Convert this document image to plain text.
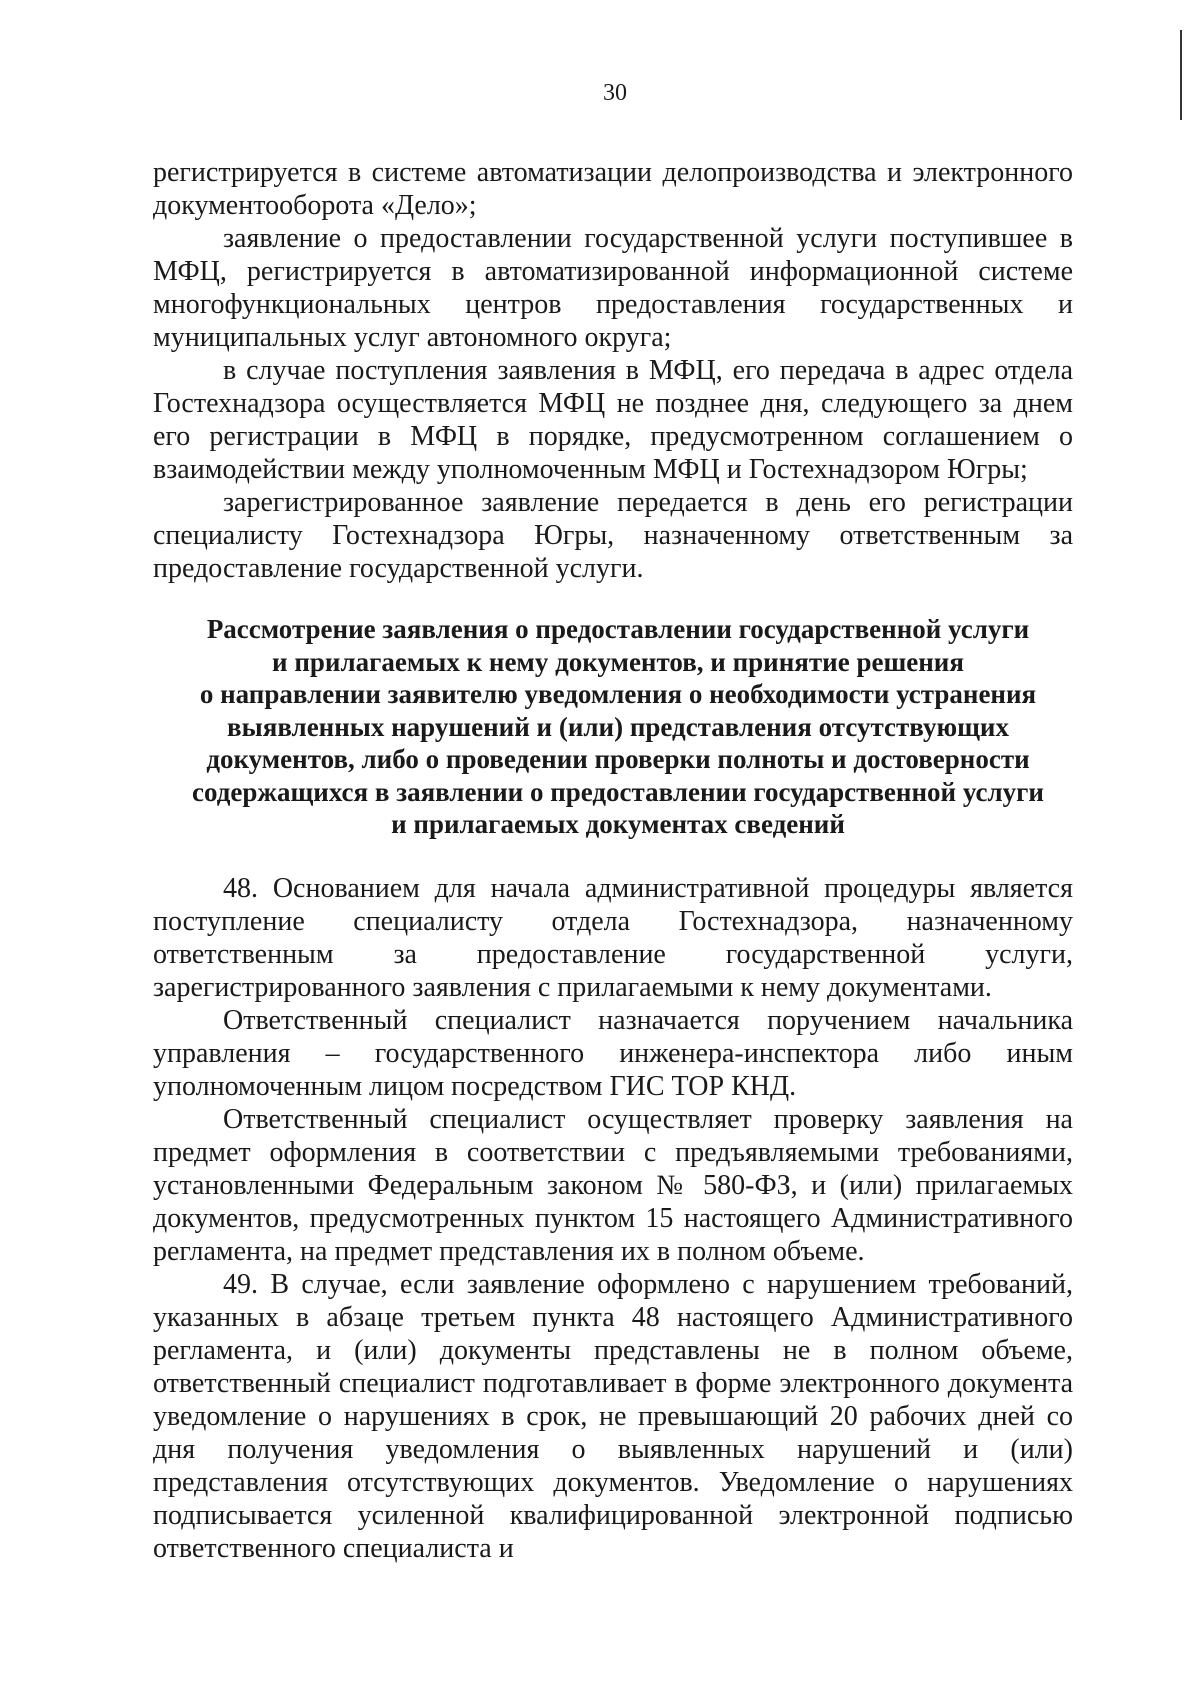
30

регистрируется в системе автоматизации делопроизводства и электронного документооборота «Дело»;

заявление о предоставлении государственной услуги поступившее в МФЦ, регистрируется в автоматизированной информационной системе многофункциональных центров предоставления государственных и муниципальных услуг автономного округа;

в случае поступления заявления в МФЦ, его передача в адрес отдела Гостехнадзора осуществляется МФЦ не позднее дня, следующего за днем его регистрации в МФЦ в порядке, предусмотренном соглашением о взаимодействии между уполномоченным МФЦ и Гостехнадзором Югры;

зарегистрированное заявление передается в день его регистрации специалисту Гостехнадзора Югры, назначенному ответственным за предоставление государственной услуги.

Рассмотрение заявления о предоставлении государственной услуги
и прилагаемых к нему документов, и принятие решения
о направлении заявителю уведомления о необходимости устранения
выявленных нарушений и (или) представления отсутствующих
документов, либо о проведении проверки полноты и достоверности
содержащихся в заявлении о предоставлении государственной услуги
и прилагаемых документах сведений

48. Основанием для начала административной процедуры является поступление специалисту отдела Гостехнадзора, назначенному ответственным за предоставление государственной услуги, зарегистрированного заявления с прилагаемыми к нему документами.

Ответственный специалист назначается поручением начальника управления – государственного инженера-инспектора либо иным уполномоченным лицом посредством ГИС ТОР КНД.

Ответственный специалист осуществляет проверку заявления на предмет оформления в соответствии с предъявляемыми требованиями, установленными Федеральным законом № 580-ФЗ, и (или) прилагаемых документов, предусмотренных пунктом 15 настоящего Административного регламента, на предмет представления их в полном объеме.

49. В случае, если заявление оформлено с нарушением требований, указанных в абзаце третьем пункта 48 настоящего Административного регламента, и (или) документы представлены не в полном объеме, ответственный специалист подготавливает в форме электронного документа уведомление о нарушениях в срок, не превышающий 20 рабочих дней со дня получения уведомления о выявленных нарушений и (или) представления отсутствующих документов. Уведомление о нарушениях подписывается усиленной квалифицированной электронной подписью ответственного специалиста и
